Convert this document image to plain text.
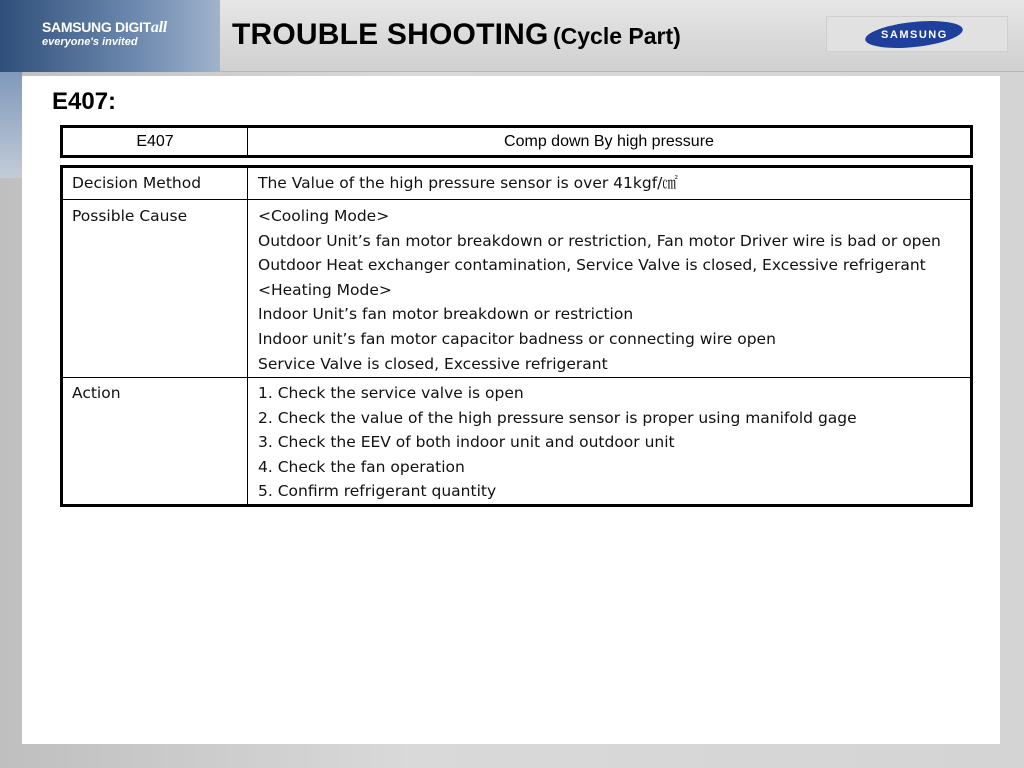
SAMSUNG DIGITall
everyone's invited	TROUBLE SHOOTING (Cycle Part)	SAMSUNG
E407:
E407	Comp down By high pressure
Decision Method	The Value of the high pressure sensor is over 41kgf/㎠
Possible Cause	<Cooling Mode>
Outdoor Unit’s fan motor breakdown or restriction, Fan motor Driver wire is bad or open
Outdoor Heat exchanger contamination, Service Valve is closed, Excessive refrigerant
<Heating Mode>
Indoor Unit’s fan motor breakdown or restriction
Indoor unit’s fan motor capacitor badness or connecting wire open
Service Valve is closed, Excessive refrigerant
Action	1. Check the service valve is open
2. Check the value of the high pressure sensor is proper using manifold gage
3. Check the EEV of both indoor unit and outdoor unit
4. Check the fan operation
5. Confirm refrigerant quantity
